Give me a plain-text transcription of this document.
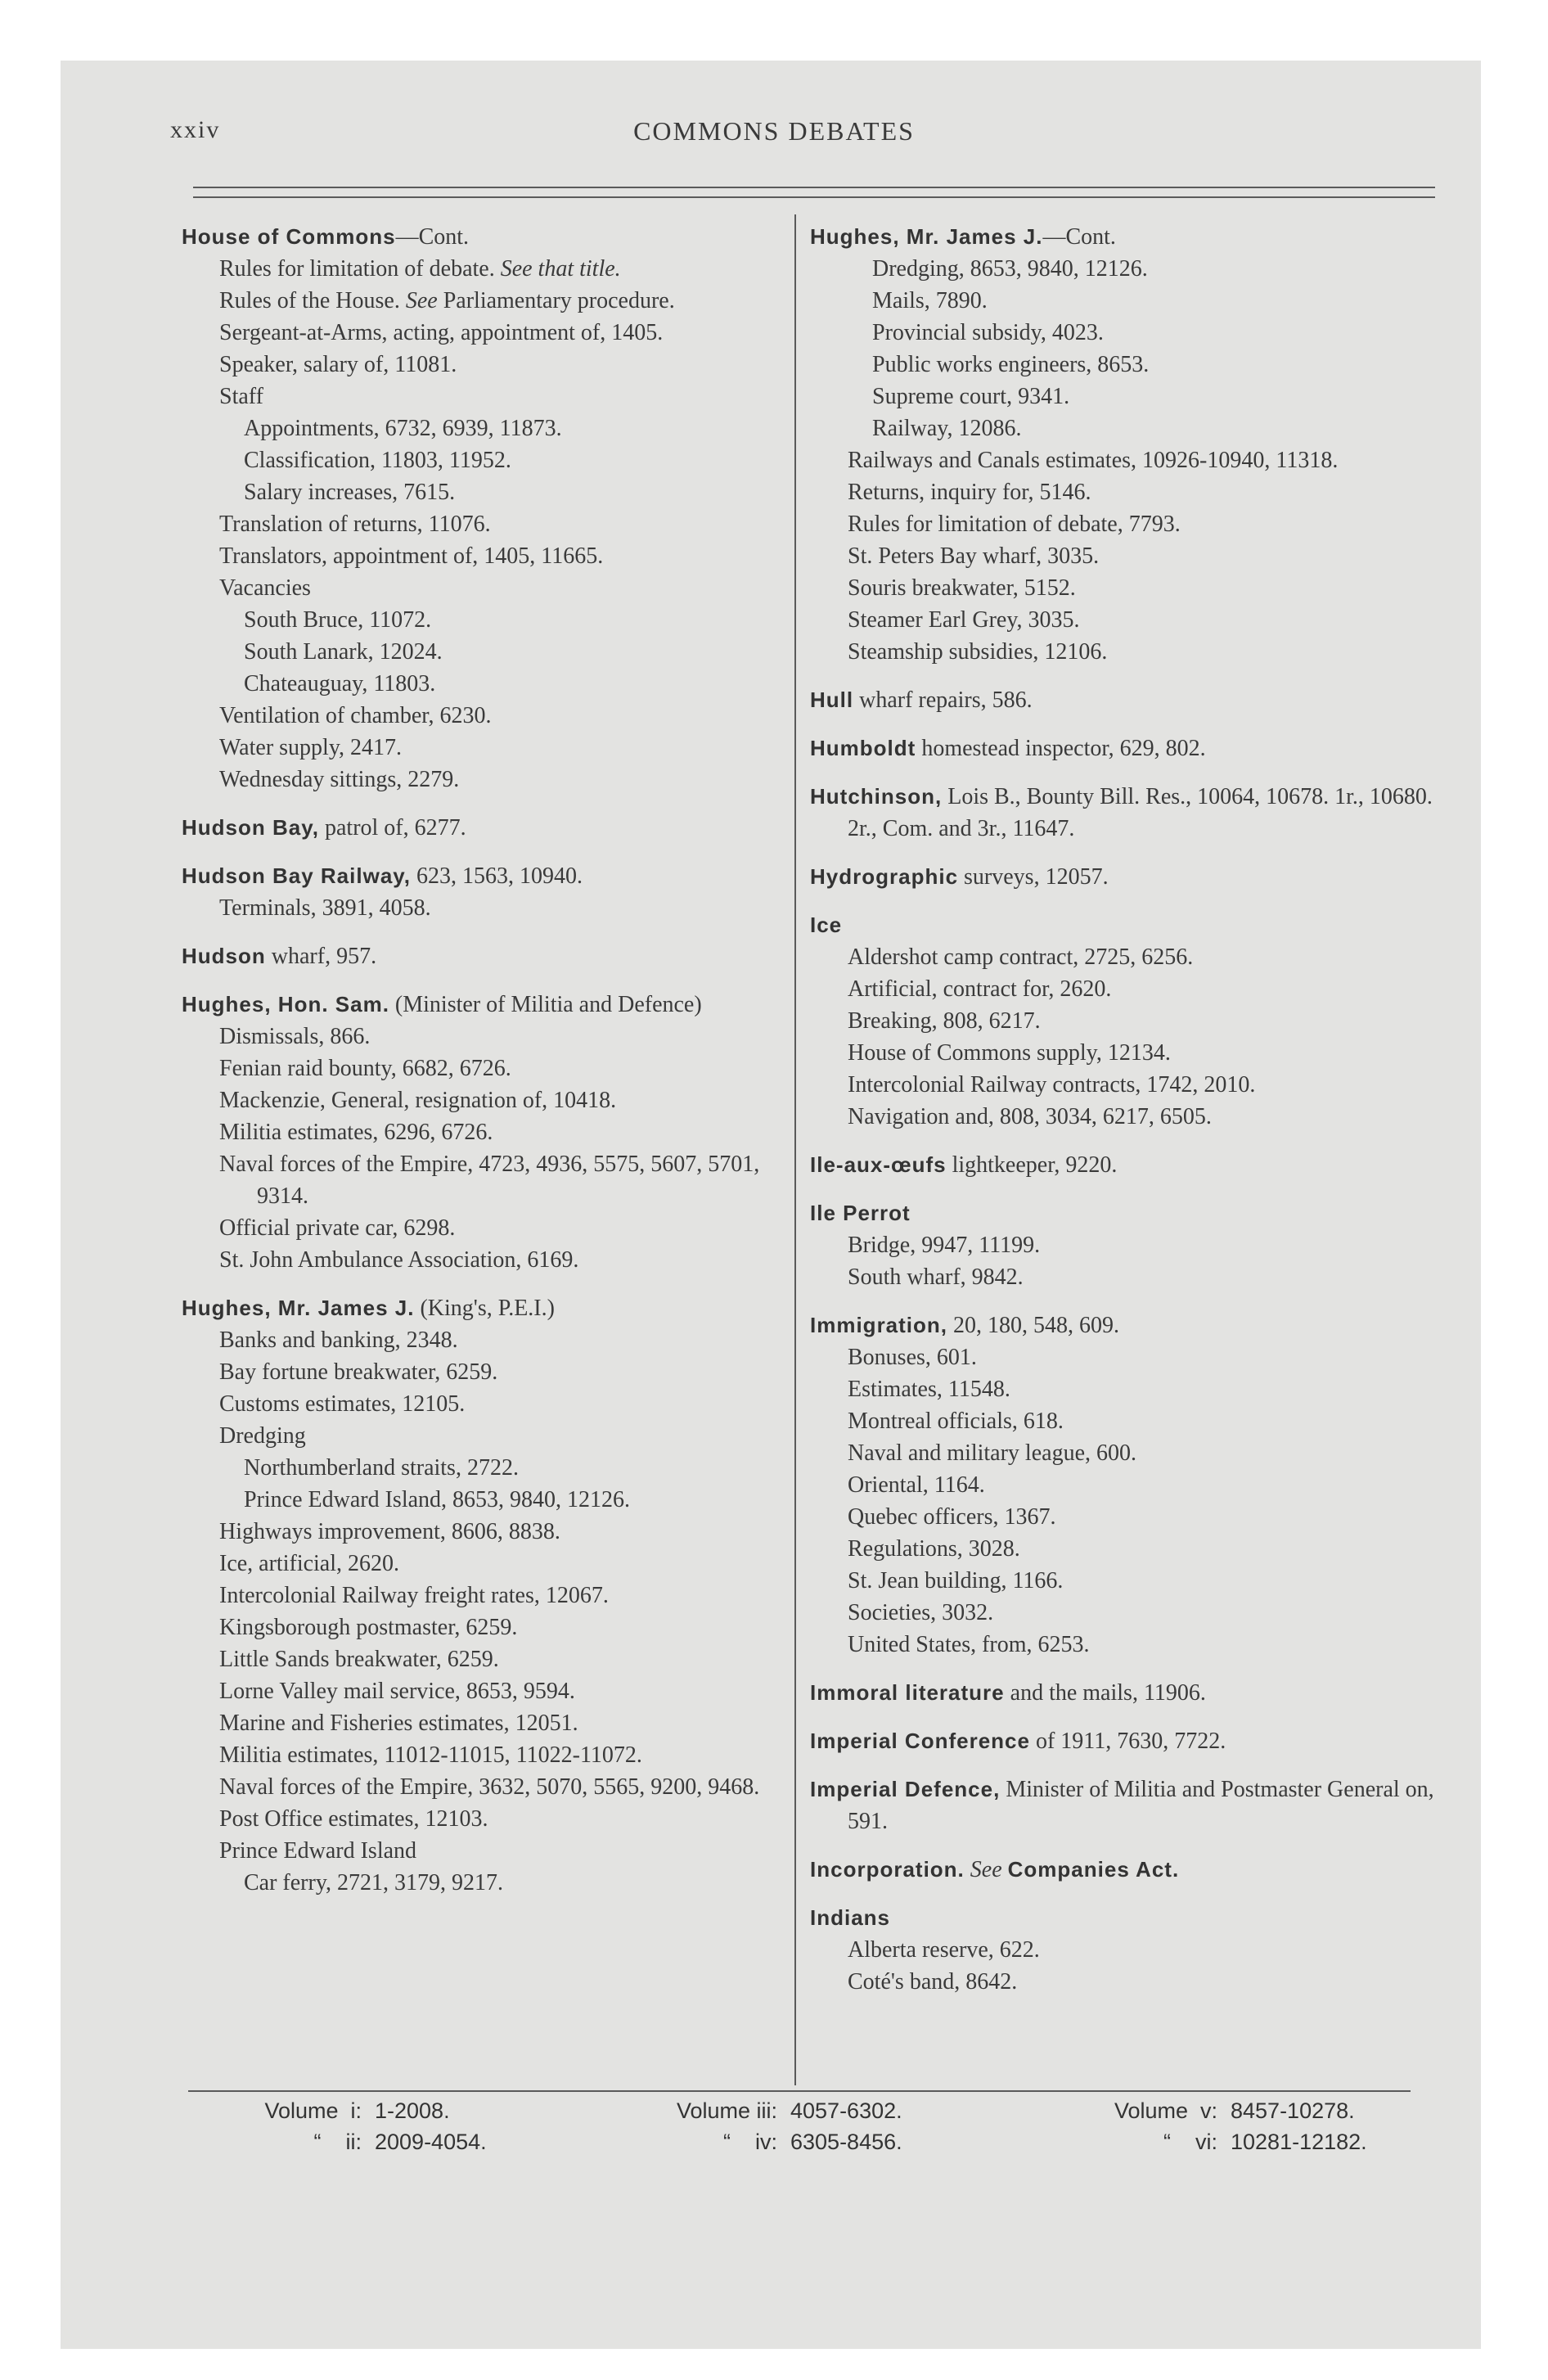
xxiv	COMMONS DEBATES

House of Commons—Cont.

Rules for limitation of debate. See that title.

Rules of the House. See Parliamentary procedure.

Sergeant-at-Arms, acting, appointment of, 1405.

Speaker, salary of, 11081.

Staff

Appointments, 6732, 6939, 11873.

Classification, 11803, 11952.

Salary increases, 7615.

Translation of returns, 11076.

Translators, appointment of, 1405, 11665.

Vacancies

South Bruce, 11072.

South Lanark, 12024.

Chateauguay, 11803.

Ventilation of chamber, 6230.

Water supply, 2417.

Wednesday sittings, 2279.

Hudson Bay, patrol of, 6277.

Hudson Bay Railway, 623, 1563, 10940.

Terminals, 3891, 4058.

Hudson wharf, 957.

Hughes, Hon. Sam. (Minister of Militia and Defence)

Dismissals, 866.

Fenian raid bounty, 6682, 6726.

Mackenzie, General, resignation of, 10418.

Militia estimates, 6296, 6726.

Naval forces of the Empire, 4723, 4936, 5575, 5607, 5701, 9314.

Official private car, 6298.

St. John Ambulance Association, 6169.

Hughes, Mr. James J. (King's, P.E.I.)

Banks and banking, 2348.

Bay fortune breakwater, 6259.

Customs estimates, 12105.

Dredging

Northumberland straits, 2722.

Prince Edward Island, 8653, 9840, 12126.

Highways improvement, 8606, 8838.

Ice, artificial, 2620.

Intercolonial Railway freight rates, 12067.

Kingsborough postmaster, 6259.

Little Sands breakwater, 6259.

Lorne Valley mail service, 8653, 9594.

Marine and Fisheries estimates, 12051.

Militia estimates, 11012-11015, 11022-11072.

Naval forces of the Empire, 3632, 5070, 5565, 9200, 9468.

Post Office estimates, 12103.

Prince Edward Island

Car ferry, 2721, 3179, 9217.

Hughes, Mr. James J.—Cont.

Dredging, 8653, 9840, 12126.

Mails, 7890.

Provincial subsidy, 4023.

Public works engineers, 8653.

Supreme court, 9341.

Railway, 12086.

Railways and Canals estimates, 10926-10940, 11318.

Returns, inquiry for, 5146.

Rules for limitation of debate, 7793.

St. Peters Bay wharf, 3035.

Souris breakwater, 5152.

Steamer Earl Grey, 3035.

Steamship subsidies, 12106.

Hull wharf repairs, 586.

Humboldt homestead inspector, 629, 802.

Hutchinson, Lois B., Bounty Bill. Res., 10064, 10678. 1r., 10680. 2r., Com. and 3r., 11647.

Hydrographic surveys, 12057.

Ice

Aldershot camp contract, 2725, 6256.

Artificial, contract for, 2620.

Breaking, 808, 6217.

House of Commons supply, 12134.

Intercolonial Railway contracts, 1742, 2010.

Navigation and, 808, 3034, 6217, 6505.

Ile-aux-œufs lightkeeper, 9220.

Ile Perrot

Bridge, 9947, 11199.

South wharf, 9842.

Immigration, 20, 180, 548, 609.

Bonuses, 601.

Estimates, 11548.

Montreal officials, 618.

Naval and military league, 600.

Oriental, 1164.

Quebec officers, 1367.

Regulations, 3028.

St. Jean building, 1166.

Societies, 3032.

United States, from, 6253.

Immoral literature and the mails, 11906.

Imperial Conference of 1911, 7630, 7722.

Imperial Defence, Minister of Militia and Postmaster General on, 591.

Incorporation. See Companies Act.

Indians

Alberta reserve, 622.

Coté's band, 8642.

Volume  i: 1-2008.
“    ii: 2009-4054.
Volume iii: 4057-6302.
“    iv: 6305-8456.
Volume  v: 8457-10278.
“    vi: 10281-12182.
